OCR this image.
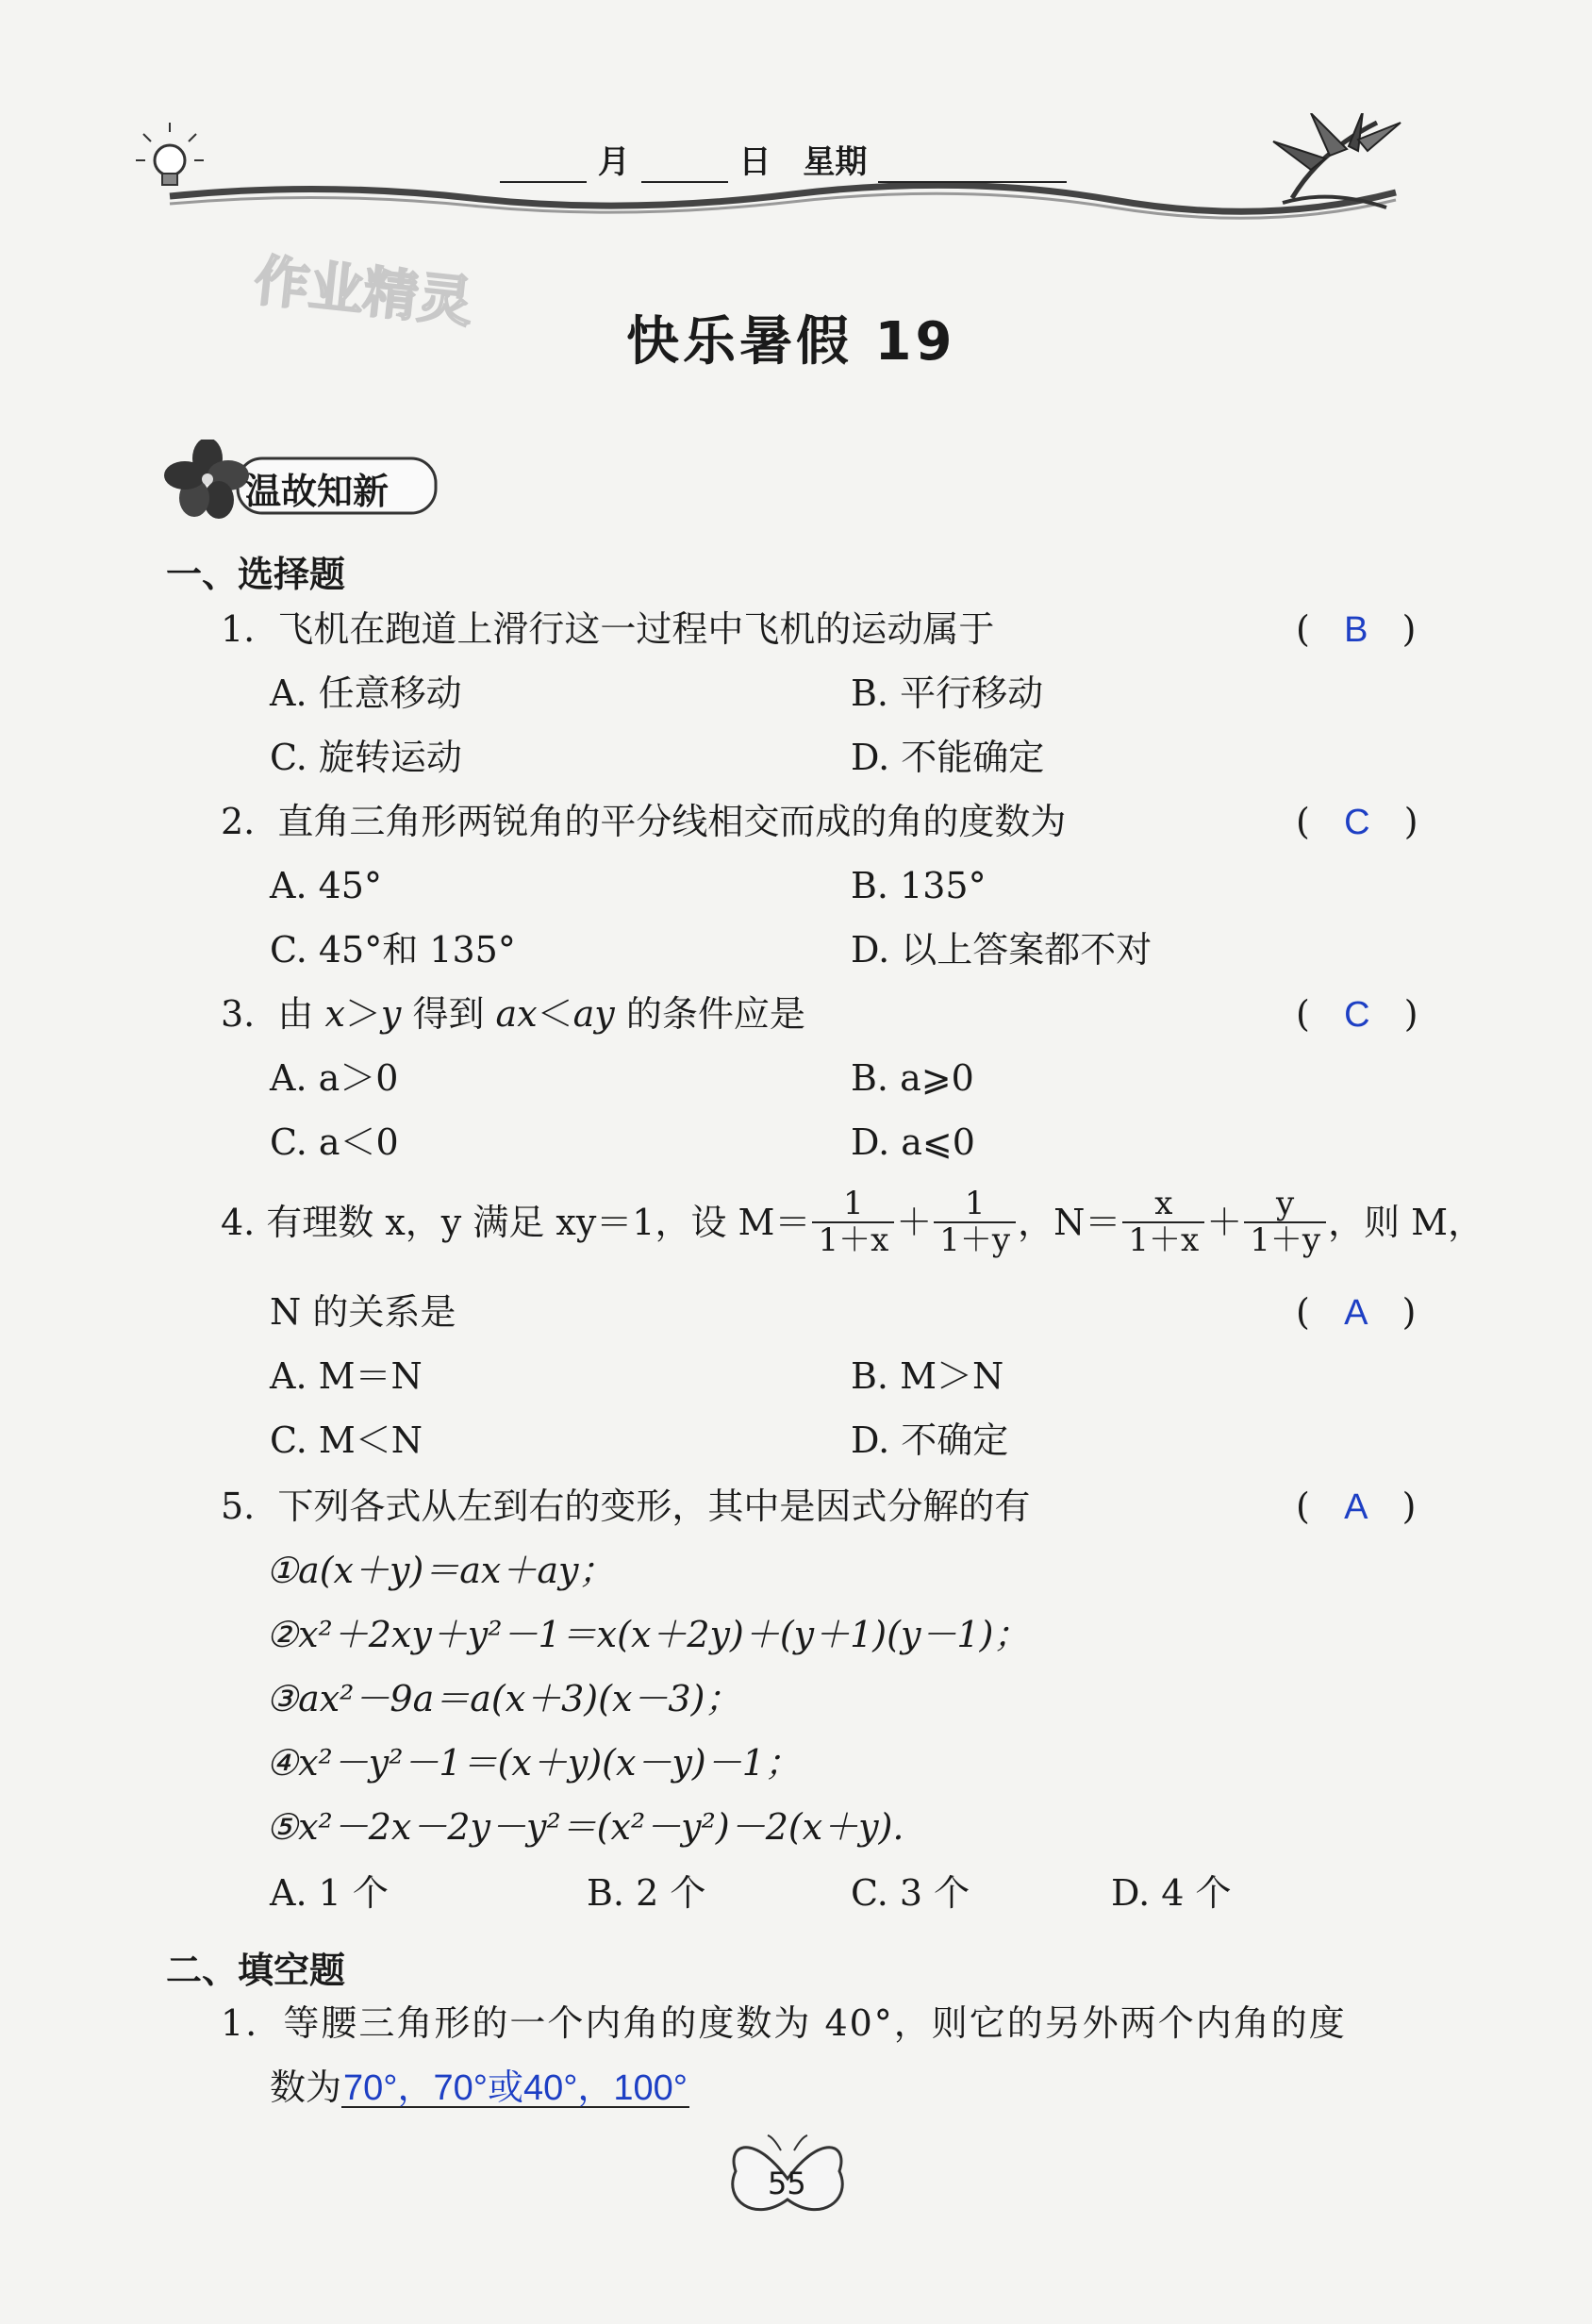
月	日 星期
作业精灵
快乐暑假 19
温故知新
一、选择题
1. 飞机在跑道上滑行这一过程中飞机的运动属于	(   B   )
A. 任意移动	B. 平行移动
C. 旋转运动	D. 不能确定
2. 直角三角形两锐角的平分线相交而成的角的度数为	(   C   )
A. 45°	B. 135°
C. 45°和 135°	D. 以上答案都不对
3. 由 x＞y 得到 ax＜ay 的条件应是	(   C   )
A. a＞0	B. a⩾0
C. a＜0	D. a⩽0
4. 有理数 x，y 满足 xy＝1，设 $M= \frac{1}{1+x} + \frac{1}{1+y}$ ，$N= \frac{x}{1+x} + \frac{y}{1+y}$ ，则 M，
N 的关系是	(   A   )
A. M＝N	B. M＞N
C. M＜N	D. 不确定
5. 下列各式从左到右的变形，其中是因式分解的有	(   A   )
①a(x＋y)＝ax＋ay；
②x²＋2xy＋y²－1＝x(x＋2y)＋(y＋1)(y－1)；
③ax²－9a＝a(x＋3)(x－3)；
④x²－y²－1＝(x＋y)(x－y)－1；
⑤x²－2x－2y－y²＝(x²－y²)－2(x＋y).
A. 1 个	B. 2 个	C. 3 个	D. 4 个
二、填空题
1. 等腰三角形的一个内角的度数为 40°，则它的另外两个内角的度
数为70°，70°或40°，100°
55
